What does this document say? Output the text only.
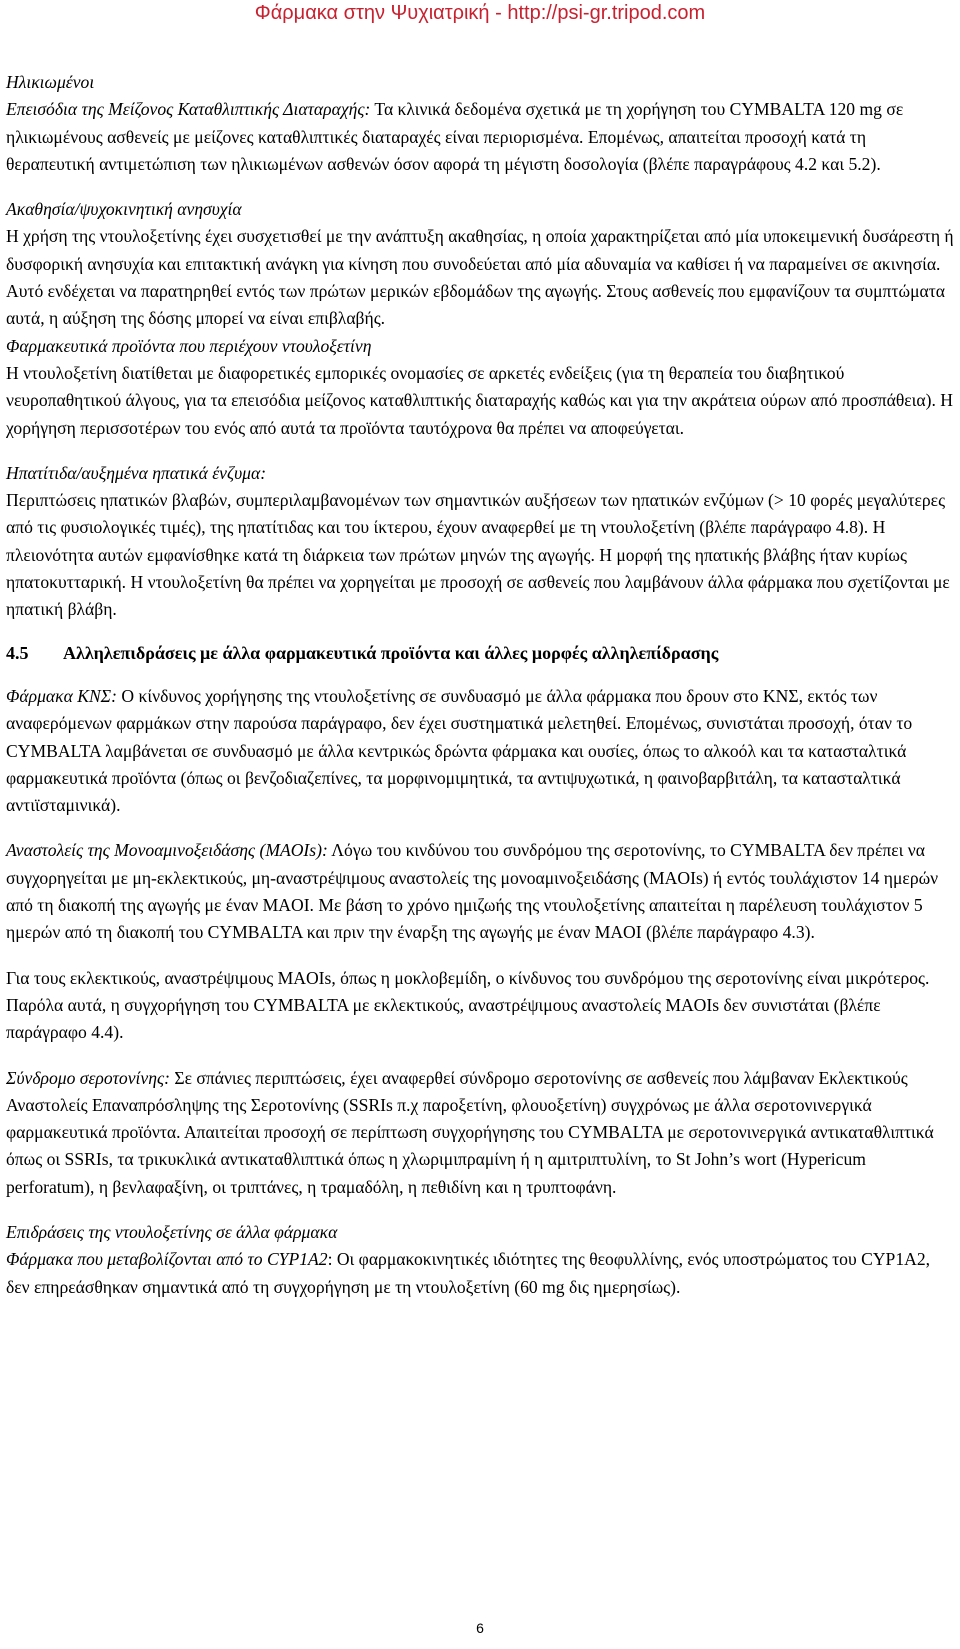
Φάρμακα στην Ψυχιατρική - http://psi-gr.tripod.com

Ηλικιωμένοι

Επεισόδια της Μείζονος Καταθλιπτικής Διαταραχής: Τα κλινικά δεδομένα σχετικά με τη χορήγηση του CYMBALTA 120 mg σε ηλικιωμένους ασθενείς με μείζονες καταθλιπτικές διαταραχές είναι περιορισμένα. Επομένως, απαιτείται προσοχή κατά τη θεραπευτική αντιμετώπιση των ηλικιωμένων ασθενών όσον αφορά τη μέγιστη δοσολογία (βλέπε παραγράφους 4.2 και 5.2).

Ακαθησία/ψυχοκινητική ανησυχία

Η χρήση της ντουλοξετίνης έχει συσχετισθεί με την ανάπτυξη ακαθησίας, η οποία χαρακτηρίζεται από μία υποκειμενική δυσάρεστη ή δυσφορική ανησυχία και επιτακτική ανάγκη για κίνηση που συνοδεύεται από μία αδυναμία να καθίσει ή να παραμείνει σε ακινησία. Αυτό ενδέχεται να παρατηρηθεί εντός των πρώτων μερικών εβδομάδων της αγωγής. Στους ασθενείς που εμφανίζουν τα συμπτώματα αυτά, η αύξηση της δόσης μπορεί να είναι επιβλαβής.

Φαρμακευτικά προϊόντα που περιέχουν ντουλοξετίνη

Η ντουλοξετίνη διατίθεται με διαφορετικές εμπορικές ονομασίες σε αρκετές ενδείξεις (για τη θεραπεία του διαβητικού νευροπαθητικού άλγους, για τα επεισόδια μείζονος καταθλιπτικής διαταραχής καθώς και για την ακράτεια ούρων από προσπάθεια). Η χορήγηση περισσοτέρων του ενός από αυτά τα προϊόντα ταυτόχρονα θα πρέπει να αποφεύγεται.

Ηπατίτιδα/αυξημένα ηπατικά ένζυμα:

Περιπτώσεις ηπατικών βλαβών, συμπεριλαμβανομένων των σημαντικών αυξήσεων των ηπατικών ενζύμων (> 10 φορές μεγαλύτερες από τις φυσιολογικές τιμές), της ηπατίτιδας και του ίκτερου, έχουν αναφερθεί με τη ντουλοξετίνη (βλέπε παράγραφο 4.8). Η πλειονότητα αυτών εμφανίσθηκε κατά τη διάρκεια των πρώτων μηνών της αγωγής. Η μορφή της ηπατικής βλάβης ήταν κυρίως ηπατοκυτταρική. Η ντουλοξετίνη θα πρέπει να χορηγείται με προσοχή σε ασθενείς που λαμβάνουν άλλα φάρμακα που σχετίζονται με ηπατική βλάβη.

4.5 Αλληλεπιδράσεις με άλλα φαρμακευτικά προϊόντα και άλλες μορφές αλληλεπίδρασης

Φάρμακα ΚΝΣ: Ο κίνδυνος χορήγησης της ντουλοξετίνης σε συνδυασμό με άλλα φάρμακα που δρουν στο ΚΝΣ, εκτός των αναφερόμενων φαρμάκων στην παρούσα παράγραφο, δεν έχει συστηματικά μελετηθεί. Επομένως, συνιστάται προσοχή, όταν το CYMBALTA λαμβάνεται σε συνδυασμό με άλλα κεντρικώς δρώντα φάρμακα και ουσίες, όπως το αλκοόλ και τα κατασταλτικά φαρμακευτικά προϊόντα (όπως οι βενζοδιαζεπίνες, τα μορφινομιμητικά, τα αντιψυχωτικά, η φαινοβαρβιτάλη, τα κατασταλτικά αντιϊσταμινικά).

Αναστολείς της Μονοαμινοξειδάσης (MAOIs): Λόγω του κινδύνου του συνδρόμου της σεροτονίνης, το CYMBALTA δεν πρέπει να συγχορηγείται με μη-εκλεκτικούς, μη-αναστρέψιμους αναστολείς της μονοαμινοξειδάσης (MAOIs) ή εντός τουλάχιστον 14 ημερών από τη διακοπή της αγωγής με έναν MAOI. Με βάση το χρόνο ημιζωής της ντουλοξετίνης απαιτείται η παρέλευση τουλάχιστον 5 ημερών από τη διακοπή του CYMBALTA και πριν την έναρξη της αγωγής με έναν MAOI (βλέπε παράγραφο 4.3).

Για τους εκλεκτικούς, αναστρέψιμους MAOIs, όπως η μοκλοβεμίδη, ο κίνδυνος του συνδρόμου της σεροτονίνης είναι μικρότερος. Παρόλα αυτά, η συγχορήγηση του CYMBALTA με εκλεκτικούς, αναστρέψιμους αναστολείς MAOIs δεν συνιστάται (βλέπε παράγραφο 4.4).

Σύνδρομο σεροτονίνης: Σε σπάνιες περιπτώσεις, έχει αναφερθεί σύνδρομο σεροτονίνης σε ασθενείς που λάμβαναν Εκλεκτικούς Αναστολείς Επαναπρόσληψης της Σεροτονίνης (SSRIs π.χ παροξετίνη, φλουοξετίνη) συγχρόνως με άλλα σεροτονινεργικά φαρμακευτικά προϊόντα. Απαιτείται προσοχή σε περίπτωση συγχορήγησης του CYMBALTA με σεροτονινεργικά αντικαταθλιπτικά όπως οι SSRIs, τα τρικυκλικά αντικαταθλιπτικά όπως η χλωριμιπραμίνη ή η αμιτριπτυλίνη, το St John’s wort (Hypericum perforatum), η βενλαφαξίνη, οι τριπτάνες, η τραμαδόλη, η πεθιδίνη και η τρυπτοφάνη.

Επιδράσεις της ντουλοξετίνης σε άλλα φάρμακα

Φάρμακα που μεταβολίζονται από το CYP1A2: Οι φαρμακοκινητικές ιδιότητες της θεοφυλλίνης, ενός υποστρώματος του CYP1A2, δεν επηρεάσθηκαν σημαντικά από τη συγχορήγηση με τη ντουλοξετίνη (60 mg δις ημερησίως).

6
